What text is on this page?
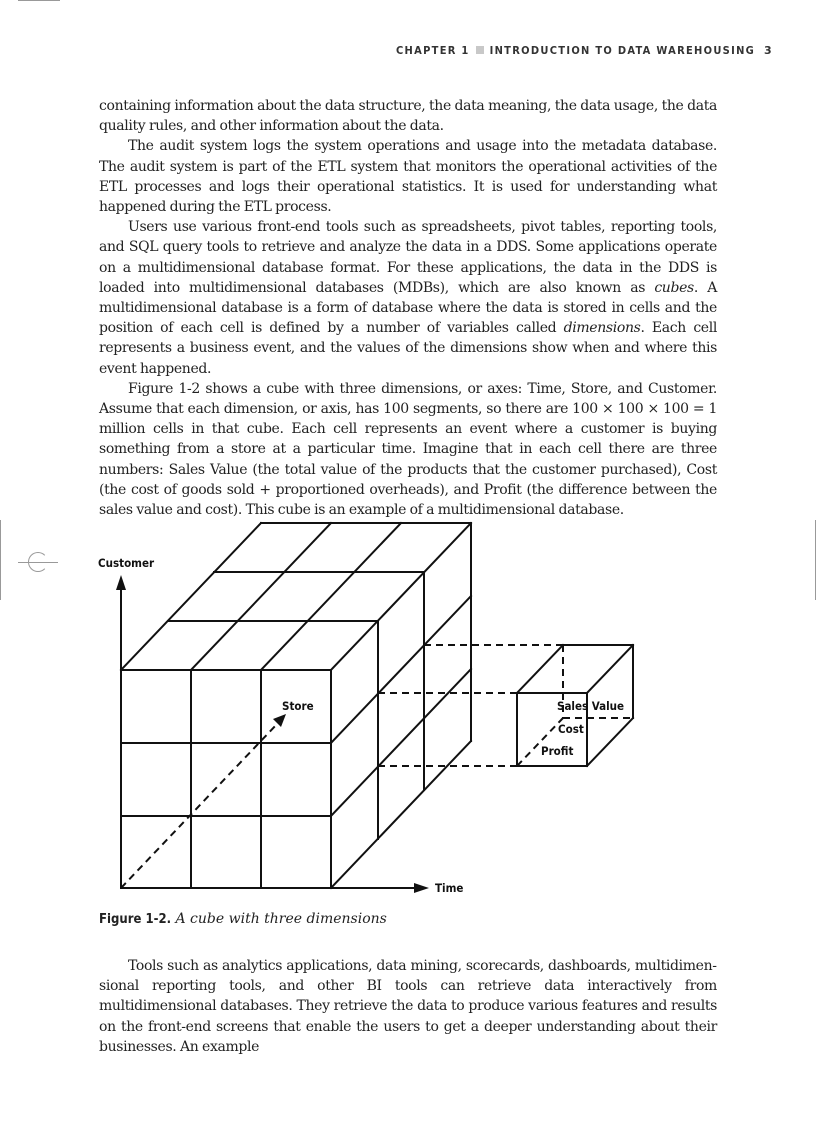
CHAPTER 1 INTRODUCTION TO DATA WAREHOUSING 3

containing information about the data structure, the data meaning, the data usage, the data quality rules, and other information about the data.

The audit system logs the system operations and usage into the metadata database. The audit system is part of the ETL system that monitors the operational activities of the ETL processes and logs their operational statistics. It is used for understanding what happened during the ETL process.

Users use various front-end tools such as spreadsheets, pivot tables, reporting tools, and SQL query tools to retrieve and analyze the data in a DDS. Some applications operate on a multidimensional database format. For these applications, the data in the DDS is loaded into multidimensional databases (MDBs), which are also known as cubes. A multidimensional database is a form of database where the data is stored in cells and the position of each cell is defined by a number of variables called dimensions. Each cell represents a business event, and the values of the dimensions show when and where this event happened.

Figure 1-2 shows a cube with three dimensions, or axes: Time, Store, and Customer. Assume that each dimension, or axis, has 100 segments, so there are 100 × 100 × 100 = 1 million cells in that cube. Each cell represents an event where a customer is buying something from a store at a particular time. Imagine that in each cell there are three numbers: Sales Value (the total value of the products that the customer purchased), Cost (the cost of goods sold + proportioned overheads), and Profit (the difference between the sales value and cost). This cube is an example of a multidimensional database.

Customer
Store
Time
Sales Value
Cost
Profit
Figure 1-2. A cube with three dimensions

Tools such as analytics applications, data mining, scorecards, dashboards, multidimensional reporting tools, and other BI tools can retrieve data interactively from multidimensional databases. They retrieve the data to produce various features and results on the front-end screens that enable the users to get a deeper understanding about their businesses. An example
